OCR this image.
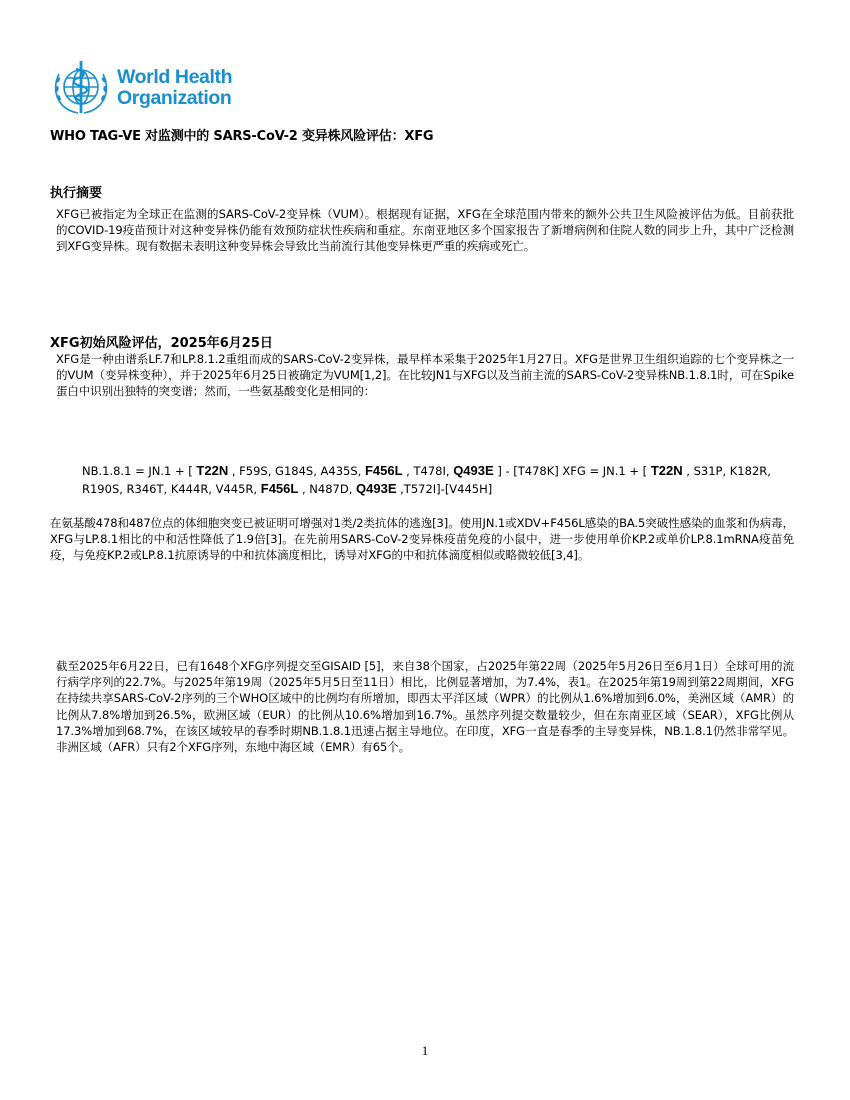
World Health
Organization
WHO TAG-VE 对监测中的 SARS-CoV-2 变异株风险评估：XFG
执行摘要
XFG已被指定为全球正在监测的SARS-CoV-2变异株（VUM）。根据现有证据，XFG在全球范围内带来的额外公共卫生风险被评估为低。目前获批的COVID-19疫苗预计对这种变异株仍能有效预防症状性疾病和重症。东南亚地区多个国家报告了新增病例和住院人数的同步上升，其中广泛检测到XFG变异株。现有数据未表明这种变异株会导致比当前流行其他变异株更严重的疾病或死亡。
XFG初始风险评估，2025年6月25日
XFG是一种由谱系LF.7和LP.8.1.2重组而成的SARS-CoV-2变异株，最早样本采集于2025年1月27日。XFG是世界卫生组织追踪的七个变异株之一的VUM（变异株变种），并于2025年6月25日被确定为VUM[1,2]。在比较JN1与XFG以及当前主流的SARS-CoV-2变异株NB.1.8.1时，可在Spike蛋白中识别出独特的突变谱；然而，一些氨基酸变化是相同的：
NB.1.8.1 = JN.1 + [ T22N , F59S, G184S, A435S, F456L , T478I, Q493E ] - [T478K] XFG = JN.1 + [ T22N , S31P, K182R, R190S, R346T, K444R, V445R, F456L , N487D, Q493E ,T572I]-[V445H]
在氨基酸478和487位点的体细胞突变已被证明可增强对1类/2类抗体的逃逸[3]。使用JN.1或XDV+F456L感染的BA.5突破性感染的血浆和伪病毒，XFG与LP.8.1相比的中和活性降低了1.9倍[3]。在先前用SARS-CoV-2变异株疫苗免疫的小鼠中，进一步使用单价KP.2或单价LP.8.1mRNA疫苗免疫，与免疫KP.2或LP.8.1抗原诱导的中和抗体滴度相比，诱导对XFG的中和抗体滴度相似或略微较低[3,4]。
截至2025年6月22日，已有1648个XFG序列提交至GISAID [5]，来自38个国家，占2025年第22周（2025年5月26日至6月1日）全球可用的流行病学序列的22.7%。与2025年第19周（2025年5月5日至11日）相比，比例显著增加，为7.4%，表1。在2025年第19周到第22周期间，XFG在持续共享SARS-CoV-2序列的三个WHO区域中的比例均有所增加，即西太平洋区域（WPR）的比例从1.6%增加到6.0%，美洲区域（AMR）的比例从7.8%增加到26.5%，欧洲区域（EUR）的比例从10.6%增加到16.7%。虽然序列提交数量较少，但在东南亚区域（SEAR），XFG比例从17.3%增加到68.7%，在该区域较早的春季时期NB.1.8.1迅速占据主导地位。在印度，XFG一直是春季的主导变异株，NB.1.8.1仍然非常罕见。非洲区域（AFR）只有2个XFG序列，东地中海区域（EMR）有65个。
1
